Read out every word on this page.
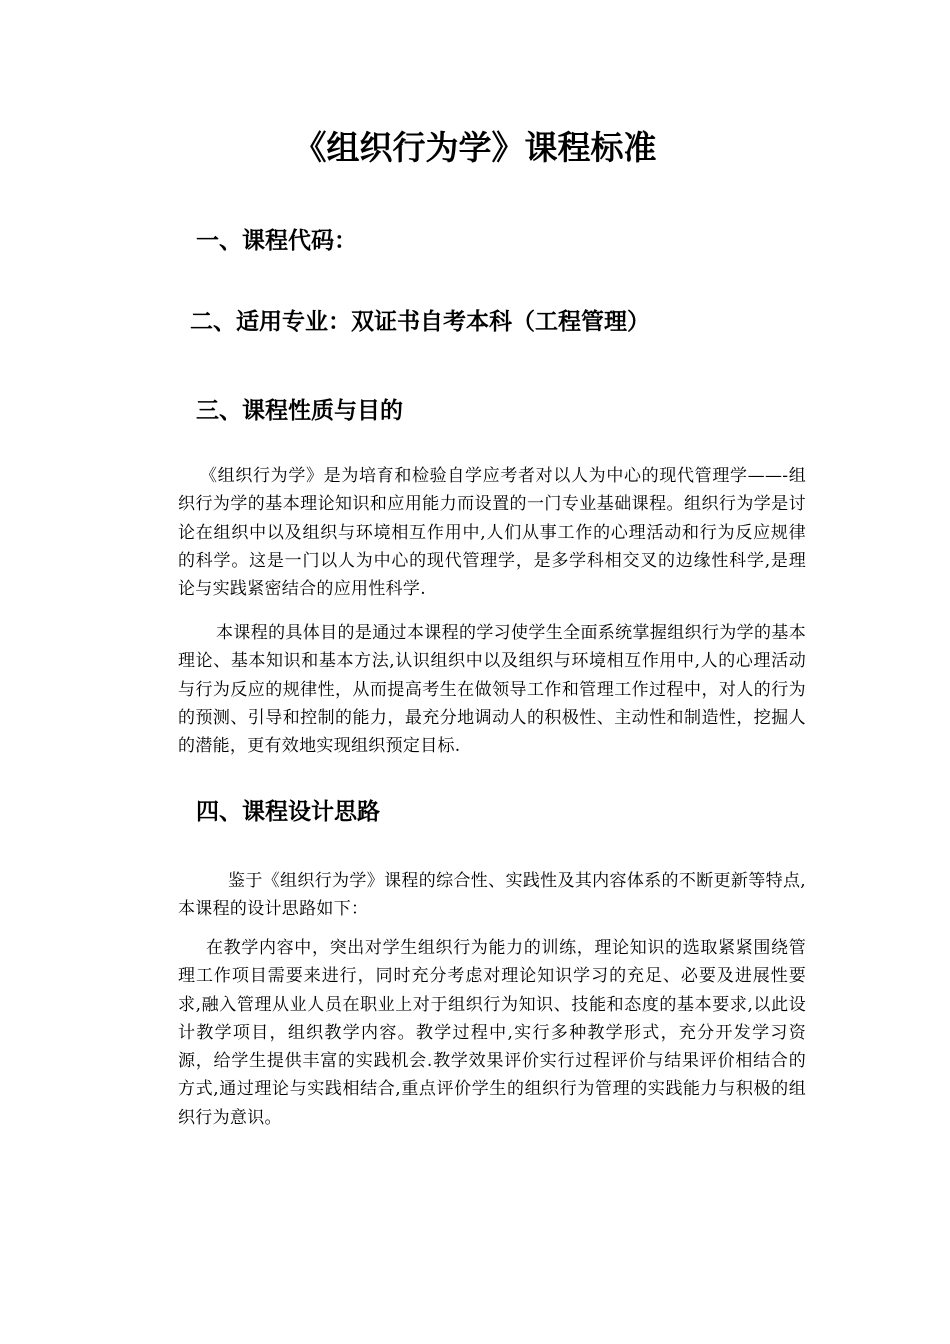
《组织行为学》课程标准
一、课程代码：
二、适用专业：双证书自考本科（工程管理）
三、课程性质与目的
《组织行为学》是为培育和检验自学应考者对以人为中心的现代管理学——-组织行为学的基本理论知识和应用能力而设置的一门专业基础课程。组织行为学是讨论在组织中以及组织与环境相互作用中,人们从事工作的心理活动和行为反应规律的科学。这是一门以人为中心的现代管理学，是多学科相交叉的边缘性科学,是理论与实践紧密结合的应用性科学.
本课程的具体目的是通过本课程的学习使学生全面系统掌握组织行为学的基本理论、基本知识和基本方法,认识组织中以及组织与环境相互作用中,人的心理活动与行为反应的规律性，从而提高考生在做领导工作和管理工作过程中，对人的行为的预测、引导和控制的能力，最充分地调动人的积极性、主动性和制造性，挖掘人的潜能，更有效地实现组织预定目标.
四、课程设计思路
鉴于《组织行为学》课程的综合性、实践性及其内容体系的不断更新等特点,本课程的设计思路如下：
在教学内容中，突出对学生组织行为能力的训练，理论知识的选取紧紧围绕管理工作项目需要来进行，同时充分考虑对理论知识学习的充足、必要及进展性要求,融入管理从业人员在职业上对于组织行为知识、技能和态度的基本要求,以此设计教学项目，组织教学内容。教学过程中,实行多种教学形式，充分开发学习资源，给学生提供丰富的实践机会.教学效果评价实行过程评价与结果评价相结合的方式,通过理论与实践相结合,重点评价学生的组织行为管理的实践能力与积极的组织行为意识。
